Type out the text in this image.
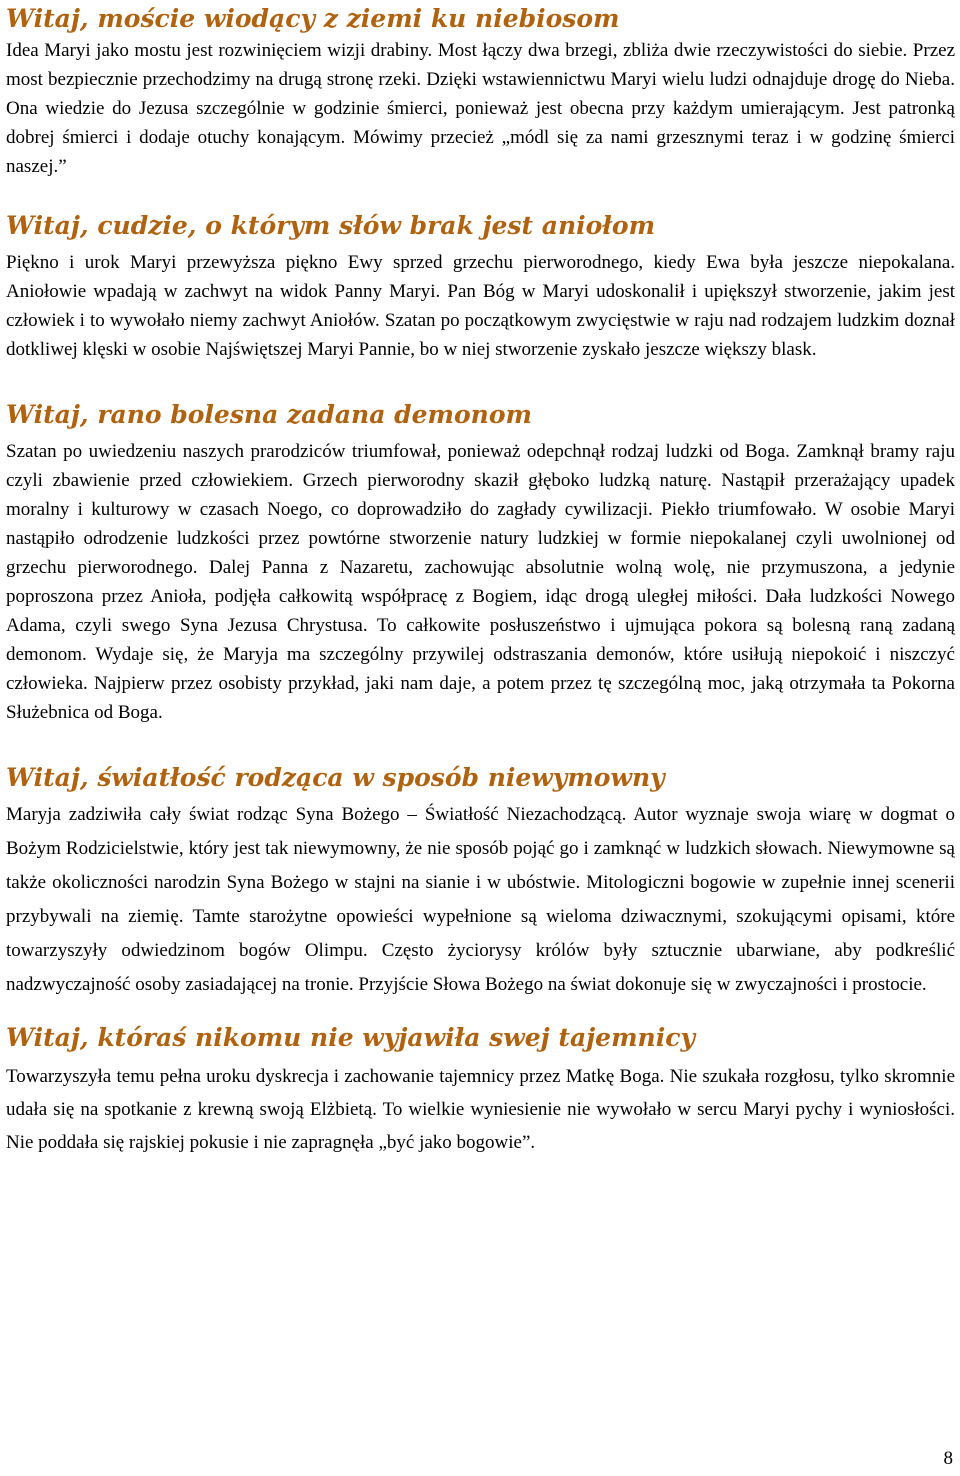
Witaj, moście wiodący z ziemi ku niebiosom

Idea Maryi jako mostu jest rozwinięciem wizji drabiny. Most łączy dwa brzegi, zbliża dwie rzeczywistości do siebie. Przez most bezpiecznie przechodzimy na drugą stronę rzeki. Dzięki wstawiennictwu Maryi wielu ludzi odnajduje drogę do Nieba. Ona wiedzie do Jezusa szczególnie w godzinie śmierci, ponieważ jest obecna przy każdym umierającym. Jest patronką dobrej śmierci i dodaje otuchy konającym. Mówimy przecież „módl się za nami grzesznymi teraz i w godzinę śmierci naszej.”

Witaj, cudzie, o którym słów brak jest aniołom

Piękno i urok Maryi przewyższa piękno Ewy sprzed grzechu pierworodnego, kiedy Ewa była jeszcze niepokalana. Aniołowie wpadają w zachwyt na widok Panny Maryi. Pan Bóg w Maryi udoskonalił i upiększył stworzenie, jakim jest człowiek i to wywołało niemy zachwyt Aniołów. Szatan po początkowym zwycięstwie w raju nad rodzajem ludzkim doznał dotkliwej klęski w osobie Najświętszej Maryi Pannie, bo w niej stworzenie zyskało jeszcze większy blask.

Witaj, rano bolesna zadana demonom

Szatan po uwiedzeniu naszych prarodziców triumfował, ponieważ odepchnął rodzaj ludzki od Boga. Zamknął bramy raju czyli zbawienie przed człowiekiem. Grzech pierworodny skaził głęboko ludzką naturę. Nastąpił przerażający upadek moralny i kulturowy w czasach Noego, co doprowadziło do zagłady cywilizacji. Piekło triumfowało. W osobie Maryi nastąpiło odrodzenie ludzkości przez powtórne stworzenie natury ludzkiej w formie niepokalanej czyli uwolnionej od grzechu pierworodnego. Dalej Panna z Nazaretu, zachowując absolutnie wolną wolę, nie przymuszona, a jedynie poproszona przez Anioła, podjęła całkowitą współpracę z Bogiem, idąc drogą uległej miłości. Dała ludzkości Nowego Adama, czyli swego Syna Jezusa Chrystusa. To całkowite posłuszeństwo i ujmująca pokora są bolesną raną zadaną demonom. Wydaje się, że Maryja ma szczególny przywilej odstraszania demonów, które usiłują niepokoić i niszczyć człowieka. Najpierw przez osobisty przykład, jaki nam daje, a potem przez tę szczególną moc, jaką otrzymała ta Pokorna Służebnica od Boga.

Witaj, światłość rodząca w sposób niewymowny

Maryja zadziwiła cały świat rodząc Syna Bożego – Światłość Niezachodzącą. Autor wyznaje swoja wiarę w dogmat o Bożym Rodzicielstwie, który jest tak niewymowny, że nie sposób pojąć go i zamknąć w ludzkich słowach. Niewymowne są także okoliczności narodzin Syna Bożego w stajni na sianie i w ubóstwie. Mitologiczni bogowie w zupełnie innej scenerii przybywali na ziemię. Tamte starożytne opowieści wypełnione są wieloma dziwacznymi, szokującymi opisami, które towarzyszyły odwiedzinom bogów Olimpu. Często życiorysy królów były sztucznie ubarwiane, aby podkreślić nadzwyczajność osoby zasiadającej na tronie. Przyjście Słowa Bożego na świat dokonuje się w zwyczajności i prostocie.

Witaj, któraś nikomu nie wyjawiła swej tajemnicy

Towarzyszyła temu pełna uroku dyskrecja i zachowanie tajemnicy przez Matkę Boga. Nie szukała rozgłosu, tylko skromnie udała się na spotkanie z krewną swoją Elżbietą. To wielkie wyniesienie nie wywołało w sercu Maryi pychy i wyniosłości. Nie poddała się rajskiej pokusie i nie zapragnęła „być jako bogowie”.

8
